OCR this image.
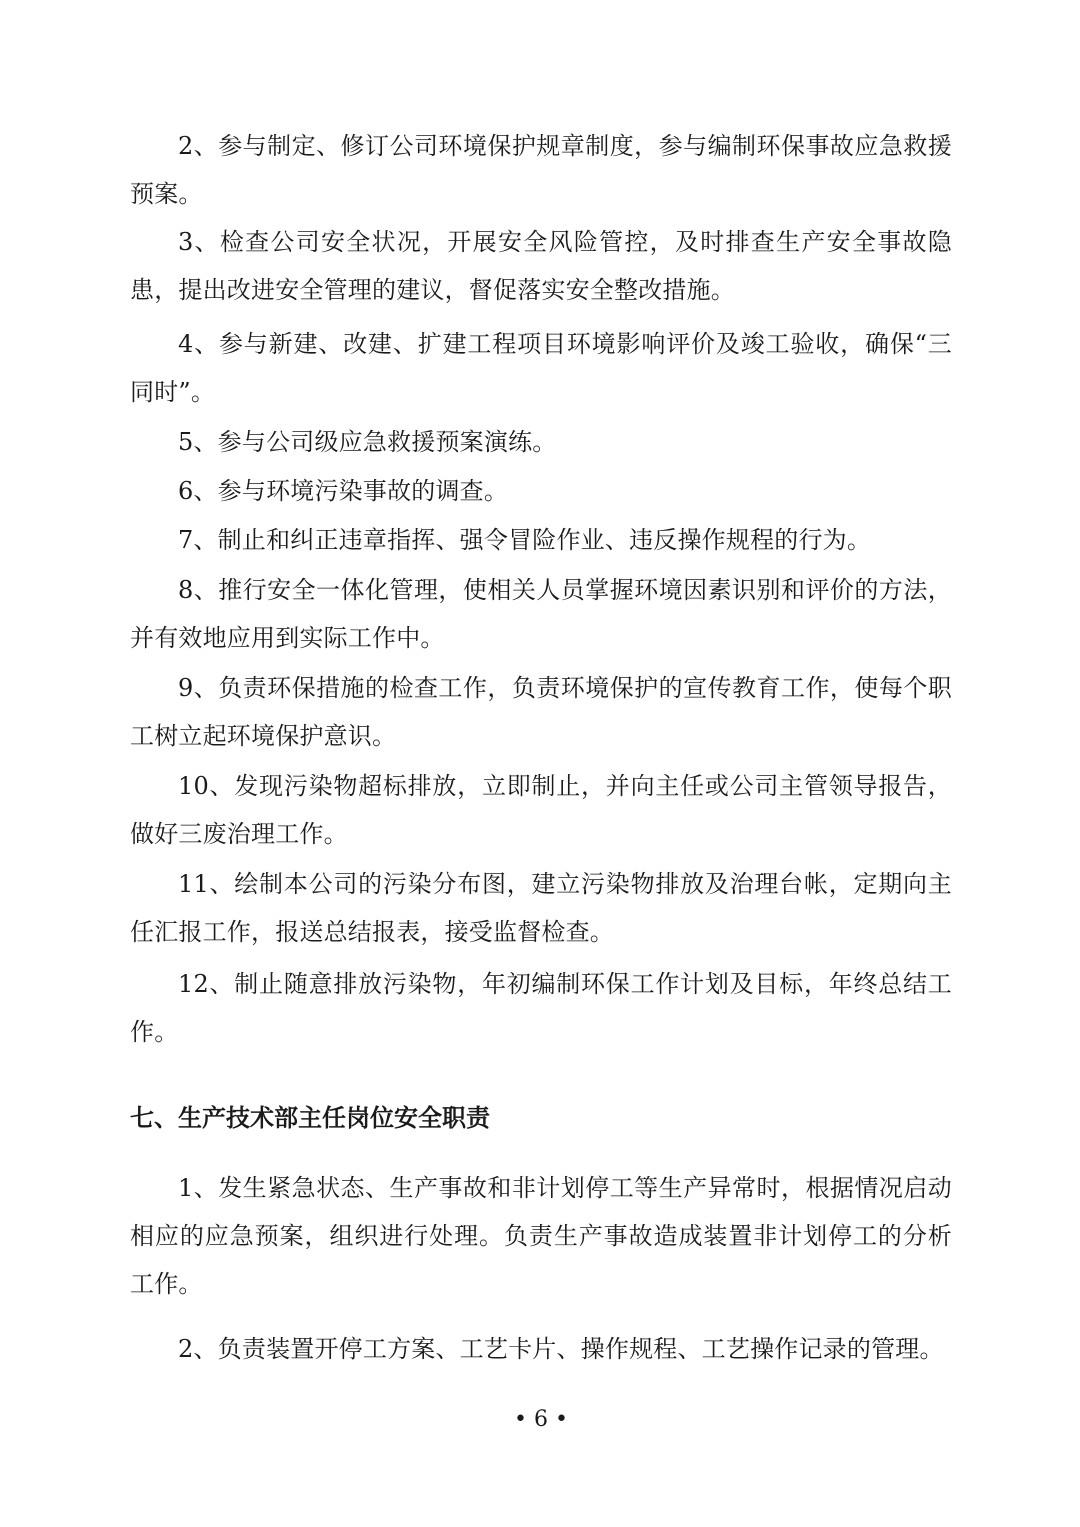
2、参与制定、修订公司环境保护规章制度，参与编制环保事故应急救援预案。

3、检查公司安全状况，开展安全风险管控，及时排查生产安全事故隐患，提出改进安全管理的建议，督促落实安全整改措施。

4、参与新建、改建、扩建工程项目环境影响评价及竣工验收，确保“三同时”。

5、参与公司级应急救援预案演练。

6、参与环境污染事故的调查。

7、制止和纠正违章指挥、强令冒险作业、违反操作规程的行为。

8、推行安全一体化管理，使相关人员掌握环境因素识别和评价的方法，并有效地应用到实际工作中。

9、负责环保措施的检查工作，负责环境保护的宣传教育工作，使每个职工树立起环境保护意识。

10、发现污染物超标排放，立即制止，并向主任或公司主管领导报告，做好三废治理工作。

11、绘制本公司的污染分布图，建立污染物排放及治理台帐，定期向主任汇报工作，报送总结报表，接受监督检查。

12、制止随意排放污染物，年初编制环保工作计划及目标，年终总结工作。

七、生产技术部主任岗位安全职责

1、发生紧急状态、生产事故和非计划停工等生产异常时，根据情况启动相应的应急预案，组织进行处理。负责生产事故造成装置非计划停工的分析工作。

2、负责装置开停工方案、工艺卡片、操作规程、工艺操作记录的管理。

• 6 •
